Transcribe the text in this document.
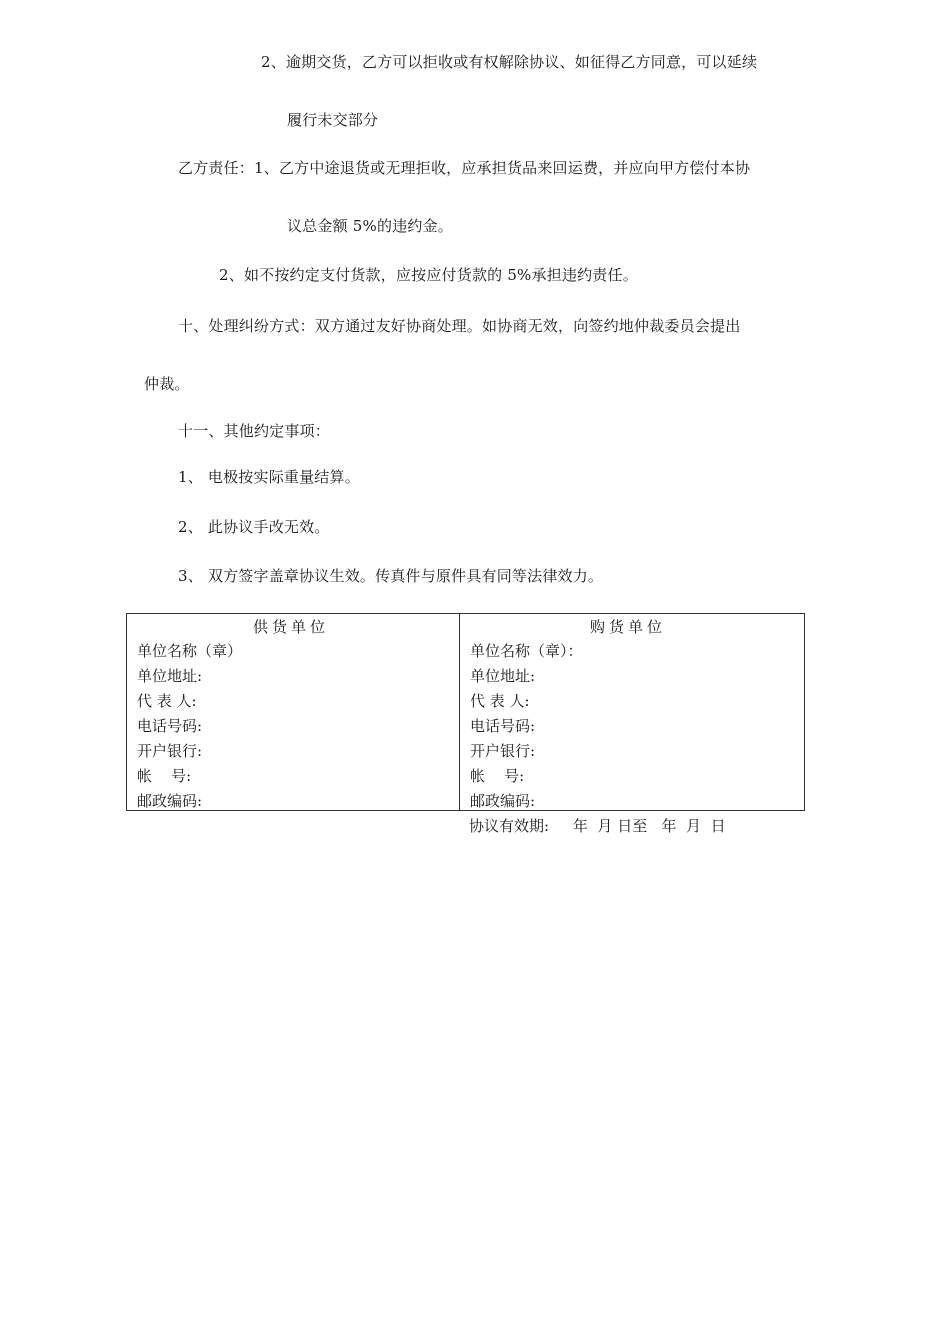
2、逾期交货，乙方可以拒收或有权解除协议、如征得乙方同意，可以延续
履行未交部分
乙方责任：1、乙方中途退货或无理拒收，应承担货品来回运费，并应向甲方偿付本协
议总金额 5%的违约金。
2、如不按约定支付货款，应按应付货款的 5%承担违约责任。
十、处理纠纷方式：双方通过友好协商处理。如协商无效，向签约地仲裁委员会提出
仲裁。
十一、其他约定事项：
1、 电极按实际重量结算。
2、 此协议手改无效。
3、 双方签字盖章协议生效。传真件与原件具有同等法律效力。
供货单位
单位名称（章）
单位地址:
代 表 人:
电话号码:
开户银行:
帐    号:
邮政编码:
购货单位
单位名称（章）：
单位地址:
代 表 人:
电话号码:
开户银行:
帐    号:
邮政编码:
协议有效期:     年  月 日至   年  月  日
